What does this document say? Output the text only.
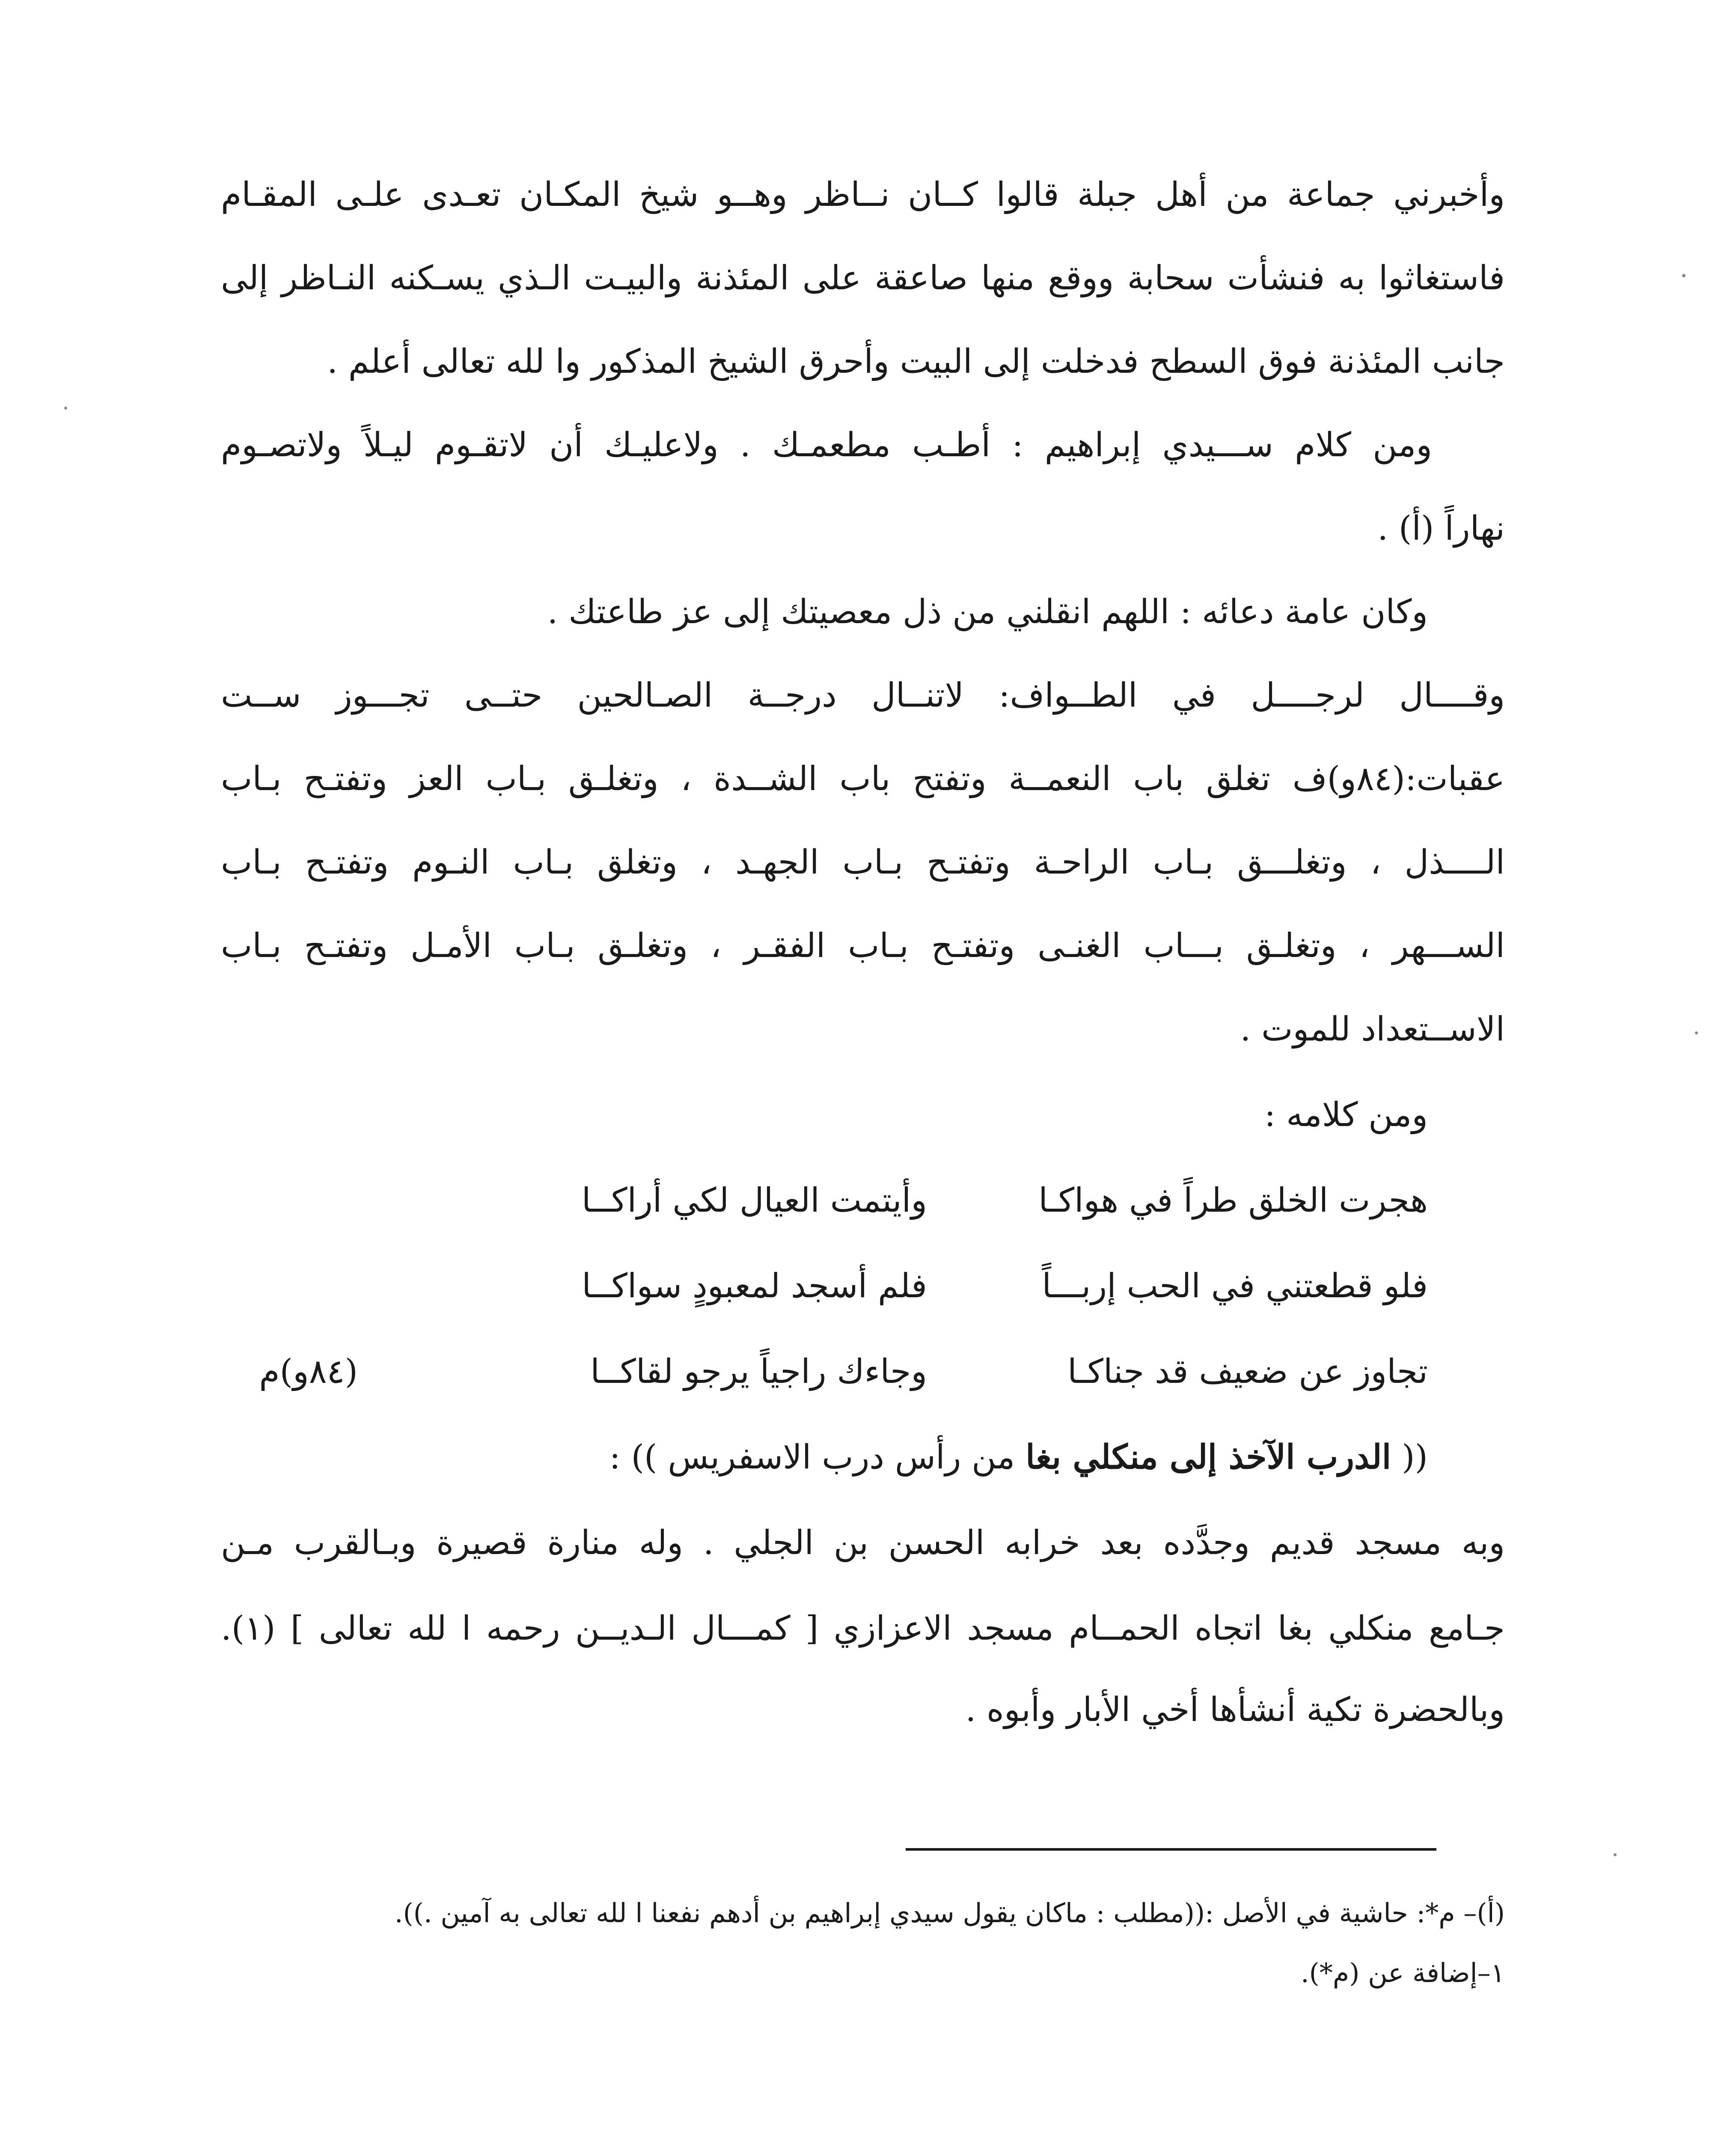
وأخبرني جماعة من أهل جبلة قالوا كــان نــاظر وهــو شيخ المكـان تعـدى علـى المقـام
فاستغاثوا به فنشأت سحابة ووقع منها صاعقة على المئذنة والبيـت الـذي يسـكنه النـاظر إلى
جانب المئذنة فوق السطح فدخلت إلى البيت وأحرق الشيخ المذكور وا لله تعالى أعلم .
ومن كلام ســـيدي إبراهيم : أطـب مطعمـك . ولاعليـك أن لاتقـوم ليـلاً ولاتصـوم
نهاراً (أ) .
وكان عامة دعائه : اللهم انقلني من ذل معصيتك إلى عز طاعتك .
وقــــال لرجــــل في الطــواف: لاتنــال درجــة الصـالحين حتــى تجـــوز ســت
عقبات:(٨٤و)ف تغلق باب النعمــة وتفتح باب الشــدة ، وتغلـق بـاب العز وتفتـح بـاب
الــــذل ، وتغلـــق بـاب الراحـة وتفتـح بـاب الجهـد ، وتغلق بـاب النـوم وتفتـح بـاب
الســـهر ، وتغلـق بـــاب الغنـى وتفتـح بـاب الفقـر ، وتغلـق بـاب الأمـل وتفتـح بـاب
الاســتعداد للموت .
ومن كلامه :
هجرت الخلق طراً في هواكـا
وأيتمت العيال لكي أراكــا
فلو قطعتني في الحب إربـــاً
فلم أسجد لمعبودٍ سواكــا
تجاوز عن ضعيف قد جناكـا
وجاءك راجياً يرجو لقاكــا
(٨٤و)م
(( الدرب الآخذ إلى منكلي بغا من رأس درب الاسفريس )) :
وبه مسجد قديم وجدَّده بعد خرابه الحسن بن الجلي . وله منارة قصيرة وبـالقرب مـن
جـامع منكلي بغا اتجاه الحمــام مسجد الاعزازي [ كمـــال الـديــن رحمه ا لله تعالى ] (١).
وبالحضرة تكية أنشأها أخي الأبار وأبوه .
(أ)– م*: حاشية في الأصل :((مطلب : ماكان يقول سيدي إبراهيم بن أدهم نفعنا ا لله تعالى به آمين .)).
١–إضافة عن (م*).
